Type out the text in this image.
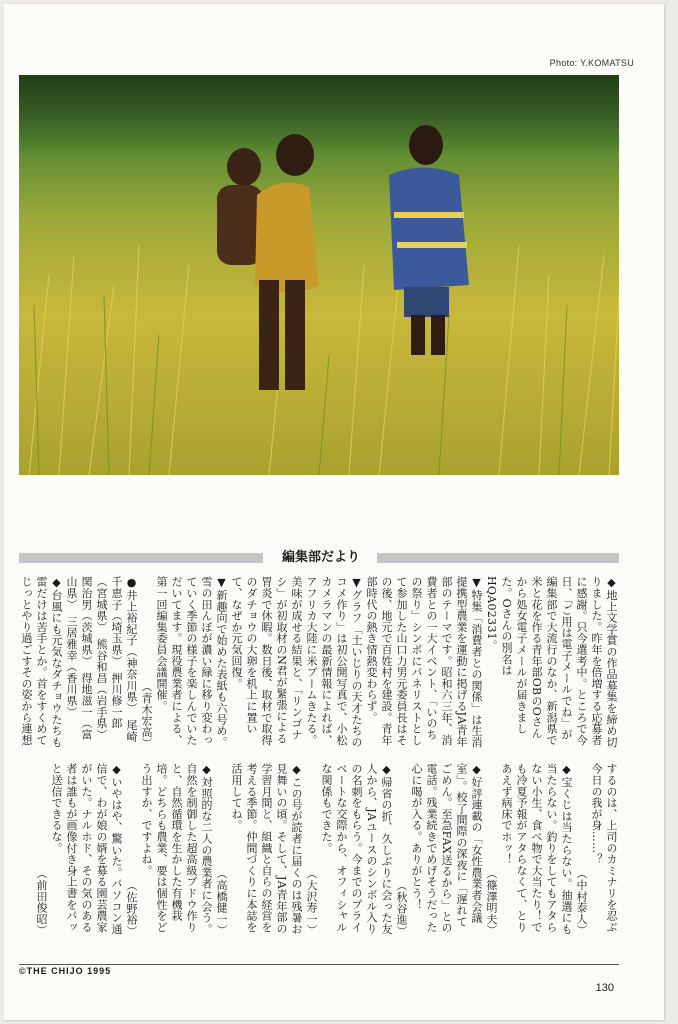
Photo: Y.KOMATSU
編集部だより

◆地上文学賞の作品募集を締め切りました。昨年を倍増する応募者に感謝。只今選考中。ところで今日、「ご用は電子メールでね」が編集部で大流行のなか、新潟県で米と花を作る青年部OBのOさんから処女電子メールが届きました。Oさんの別名はHQA02331。

▼特集「消費者との関係」は生消提携型農業を運動に掲げるJA青年部のテーマです。昭和六三年、消費者との一大イベント、「いのちの祭り」シンポにパネリストとして参加した山口力男元委員長はその後、地元で百姓村を建設。青年部時代の熱き情熱変わらず。

▼グラフ「土いじりの天才たちのコメ作り」は初公開写真で、小松カメラマンの最新情報によれば、アフリカ大陸に米ブームきたる。美味が成せる結果と、「リンゴナシ」が初取材のN君が緊張による胃炎で休暇。数日後、取材で取得のダチョウの大卵を机上に置いて、なぜか元気回復。

▼新趣向で始めた表紙も六号め。雪の田んぼが濃い緑に移り変わっていく季節の様子を楽しんでいただいてます。現役農業者による、第一回編集委員会議開催。

（青木宏高）

●井上裕紀子（神奈川県）　尾崎千恵子（埼玉県）　押川修一郎（宮城県）　熊谷和昌（岩手県）　関治男（茨城県）　得地滋一（富山県）　三居雅幸（香川県）

◆台風にも元気なダチョウたちも雷だけは苦手とか。首をすくめてじっとやり過ごすその姿から連想するのは、上司のカミナリを忍ぶ今日の我が身……？

（中村泰人）

◆宝くじは当たらない。抽選にも当たらない。釣りをしてもアタらない小生、食べ物で大当たり！でも冷夏予報がアタらなくて、とりあえず病床でホッ！

（篠澤明夫）

◆好評連載の「女性農業者会議室」。校了間際の深夜に「遅れてごめん。至急FAX送るから」との電話。残業続きでめげそうだった心に喝が入る。ありがとう！

（秋谷進）

◆帰省の折、久しぶりに会った友人から、JAユースのシンボル入りの名刺をもらう。今までのプライベートな交際から、オフィシャルな関係もできた。

（大沢寿一）

◆この号が読者に届くのは残暑お見舞いの頃。そして、JA青年部の学習月間と、組織と自らの経営を考える季節。仲間づくりに本誌を活用してね。

（高橋健一）

◆対照的な二人の農業者に会う。自然を制御した超高級ブドウ作りと、自然循環を生かした有機栽培。どちらも農業、要は個性をどう出すか、ですよね。

（佐野裕）

◆いやはや、驚いた。パソコン通信で、わが娘の婿を募る園芸農家がいた。ナルホド、その気のある者は誰もが画像付き身上書をパッと送信できるな。

（前田俊昭）

©THE CHIJO 1995
130
